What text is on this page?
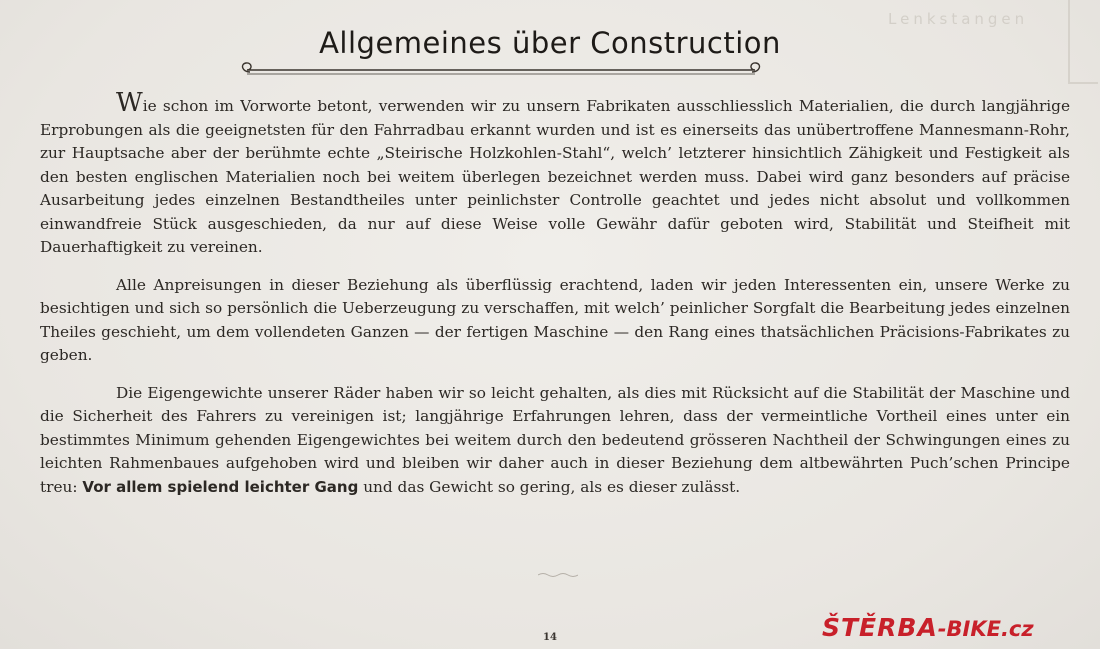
Lenkstangen
Allgemeines über Construction

Wie schon im Vorworte betont, verwenden wir zu unsern Fabrikaten ausschliesslich Materialien, die durch langjährige Erprobungen als die geeignetsten für den Fahrradbau erkannt wurden und ist es einerseits das unübertroffene Mannesmann-Rohr, zur Hauptsache aber der berühmte echte „Steirische Holzkohlen-Stahl“, welch’ letzterer hinsichtlich Zähigkeit und Festigkeit als den besten englischen Materialien noch bei weitem überlegen bezeichnet werden muss. Dabei wird ganz besonders auf präcise Ausarbeitung jedes einzelnen Bestandtheiles unter peinlichster Controlle geachtet und jedes nicht absolut und vollkommen einwandfreie Stück ausgeschieden, da nur auf diese Weise volle Gewähr dafür geboten wird, Stabilität und Steifheit mit Dauerhaftigkeit zu vereinen.

Alle Anpreisungen in dieser Beziehung als überflüssig erachtend, laden wir jeden Interessenten ein, unsere Werke zu besichtigen und sich so persönlich die Ueberzeugung zu verschaffen, mit welch’ peinlicher Sorgfalt die Bearbeitung jedes einzelnen Theiles geschieht, um dem vollendeten Ganzen — der fertigen Maschine — den Rang eines thatsächlichen Präcisions-Fabrikates zu geben.

Die Eigengewichte unserer Räder haben wir so leicht gehalten, als dies mit Rücksicht auf die Stabilität der Maschine und die Sicherheit des Fahrers zu vereinigen ist; langjährige Erfahrungen lehren, dass der vermeintliche Vortheil eines unter ein bestimmtes Minimum gehenden Eigengewichtes bei weitem durch den bedeutend grösseren Nachtheil der Schwingungen eines zu leichten Rahmenbaues aufgehoben wird und bleiben wir daher auch in dieser Beziehung dem altbewährten Puch’schen Principe treu: Vor allem spielend leichter Gang und das Gewicht so gering, als es dieser zulässt.

14	ŠTĚRBA-BIKE.cz
